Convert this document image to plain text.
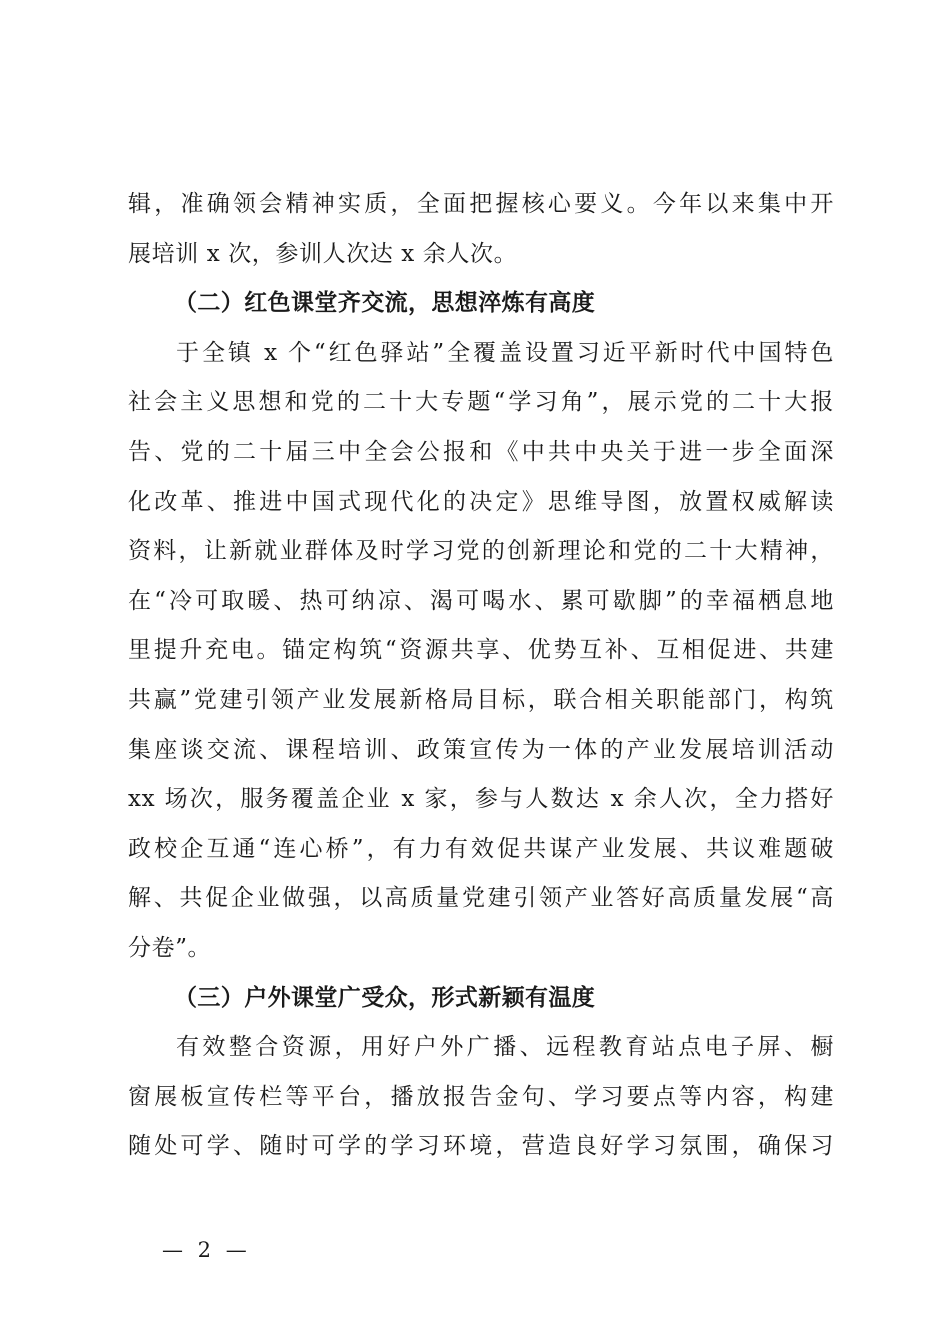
辑，准确领会精神实质，全面把握核心要义。今年以来集中开
展培训 x 次，参训人次达 x 余人次。
（二）红色课堂齐交流，思想淬炼有高度
于全镇 x 个“红色驿站”全覆盖设置习近平新时代中国特色
社会主义思想和党的二十大专题“学习角”，展示党的二十大报
告、党的二十届三中全会公报和《中共中央关于进一步全面深
化改革、推进中国式现代化的决定》思维导图，放置权威解读
资料，让新就业群体及时学习党的创新理论和党的二十大精神，
在“冷可取暖、热可纳凉、渴可喝水、累可歇脚”的幸福栖息地
里提升充电。锚定构筑“资源共享、优势互补、互相促进、共建
共赢”党建引领产业发展新格局目标，联合相关职能部门，构筑
集座谈交流、课程培训、政策宣传为一体的产业发展培训活动
xx 场次，服务覆盖企业 x 家，参与人数达 x 余人次，全力搭好
政校企互通“连心桥”，有力有效促共谋产业发展、共议难题破
解、共促企业做强，以高质量党建引领产业答好高质量发展“高
分卷”。
（三）户外课堂广受众，形式新颖有温度
有效整合资源，用好户外广播、远程教育站点电子屏、橱
窗展板宣传栏等平台，播放报告金句、学习要点等内容，构建
随处可学、随时可学的学习环境，营造良好学习氛围，确保习
— 2 —
